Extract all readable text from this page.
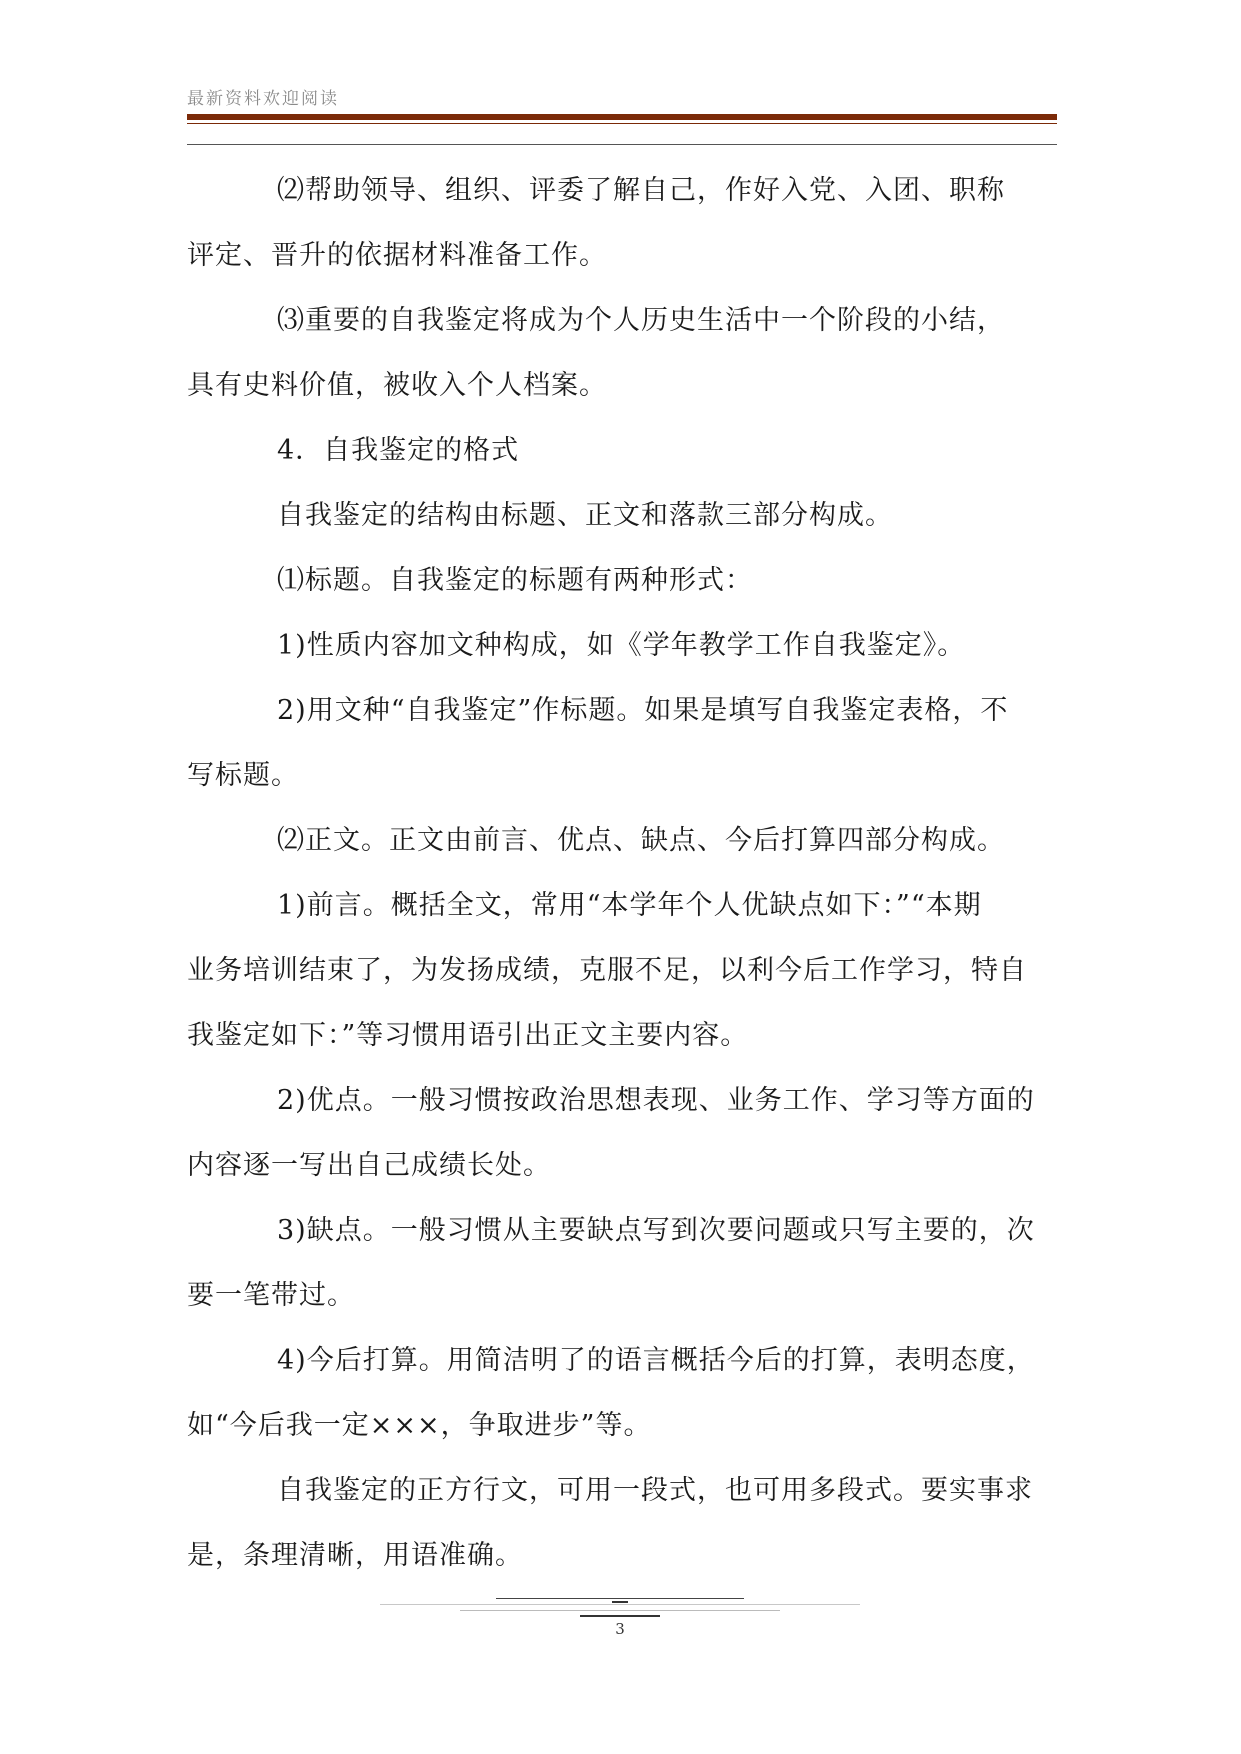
最新资料欢迎阅读
⑵帮助领导、组织、评委了解自己，作好入党、入团、职称
评定、晋升的依据材料准备工作。
⑶重要的自我鉴定将成为个人历史生活中一个阶段的小结，
具有史料价值，被收入个人档案。
4．自我鉴定的格式
自我鉴定的结构由标题、正文和落款三部分构成。
⑴标题。自我鉴定的标题有两种形式：
1)性质内容加文种构成，如《学年教学工作自我鉴定》。
2)用文种“自我鉴定”作标题。如果是填写自我鉴定表格，不
写标题。
⑵正文。正文由前言、优点、缺点、今后打算四部分构成。
1)前言。概括全文，常用“本学年个人优缺点如下：”“本期
业务培训结束了，为发扬成绩，克服不足，以利今后工作学习，特自
我鉴定如下：”等习惯用语引出正文主要内容。
2)优点。一般习惯按政治思想表现、业务工作、学习等方面的
内容逐一写出自己成绩长处。
3)缺点。一般习惯从主要缺点写到次要问题或只写主要的，次
要一笔带过。
4)今后打算。用简洁明了的语言概括今后的打算，表明态度，
如“今后我一定×××，争取进步”等。
自我鉴定的正方行文，可用一段式，也可用多段式。要实事求
是，条理清晰，用语准确。
3
